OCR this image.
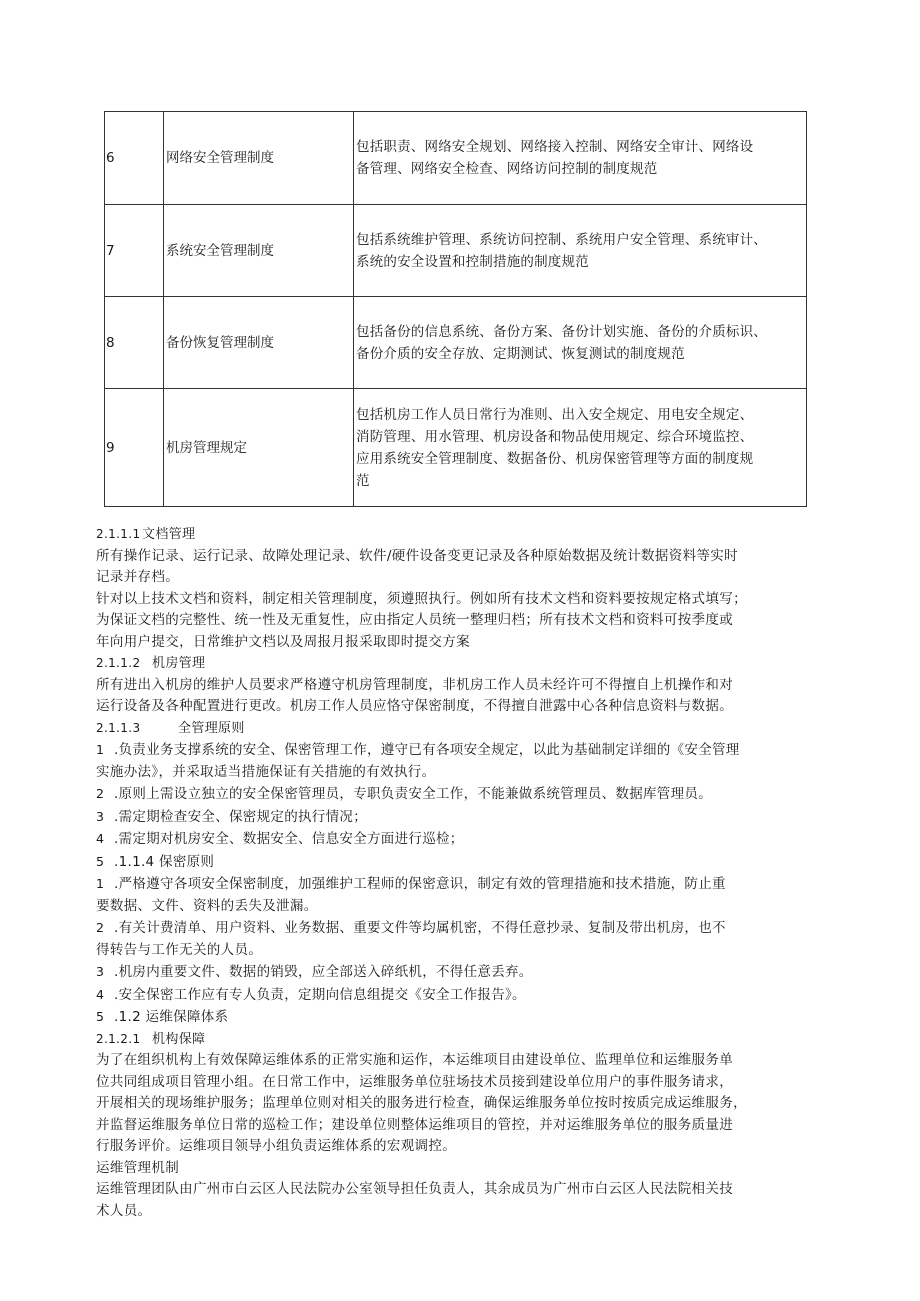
6	网络安全管理制度	包括职责、网络安全规划、网络接入控制、网络安全审计、网络设
备管理、网络安全检查、网络访问控制的制度规范

7	系统安全管理制度	包括系统维护管理、系统访问控制、系统用户安全管理、系统审计、
系统的安全设置和控制措施的制度规范

8	备份恢复管理制度	包括备份的信息系统、备份方案、备份计划实施、备份的介质标识、
备份介质的安全存放、定期测试、恢复测试的制度规范

9	机房管理规定	包括机房工作人员日常行为准则、出入安全规定、用电安全规定、
消防管理、用水管理、机房设备和物品使用规定、综合环境监控、
应用系统安全管理制度、数据备份、机房保密管理等方面的制度规
范
2.1.1.1 文档管理
所有操作记录、运行记录、故障处理记录、软件/硬件设备变更记录及各种原始数据及统计数据资料等实时
记录并存档。
针对以上技术文档和资料，制定相关管理制度，须遵照执行。例如所有技术文档和资料要按规定格式填写；
为保证文档的完整性、统一性及无重复性，应由指定人员统一整理归档；所有技术文档和资料可按季度或
年向用户提交，日常维护文档以及周报月报采取即时提交方案
2.1.1.2 机房管理
所有进出入机房的维护人员要求严格遵守机房管理制度，非机房工作人员未经许可不得擅自上机操作和对
运行设备及各种配置进行更改。机房工作人员应恪守保密制度，不得擅自泄露中心各种信息资料与数据。
2.1.1.3	全管理原则
1 .负责业务支撑系统的安全、保密管理工作，遵守已有各项安全规定，以此为基础制定详细的《安全管理
实施办法》，并采取适当措施保证有关措施的有效执行。
2 .原则上需设立独立的安全保密管理员，专职负责安全工作，不能兼做系统管理员、数据库管理员。
3 .需定期检查安全、保密规定的执行情况；
4 .需定期对机房安全、数据安全、信息安全方面进行巡检；
5 .1.1.4 保密原则
1 .严格遵守各项安全保密制度，加强维护工程师的保密意识，制定有效的管理措施和技术措施，防止重
要数据、文件、资料的丢失及泄漏。
2 .有关计费清单、用户资料、业务数据、重要文件等均属机密，不得任意抄录、复制及带出机房，也不
得转告与工作无关的人员。
3 .机房内重要文件、数据的销毁，应全部送入碎纸机，不得任意丢弃。
4 .安全保密工作应有专人负责，定期向信息组提交《安全工作报告》。
5 .1.2 运维保障体系
2.1.2.1 机构保障
为了在组织机构上有效保障运维体系的正常实施和运作，本运维项目由建设单位、监理单位和运维服务单
位共同组成项目管理小组。在日常工作中，运维服务单位驻场技术员接到建设单位用户的事件服务请求，
开展相关的现场维护服务；监理单位则对相关的服务进行检查，确保运维服务单位按时按质完成运维服务，
并监督运维服务单位日常的巡检工作；建设单位则整体运维项目的管控，并对运维服务单位的服务质量进
行服务评价。运维项目领导小组负责运维体系的宏观调控。
运维管理机制
运维管理团队由广州市白云区人民法院办公室领导担任负责人，其余成员为广州市白云区人民法院相关技
术人员。
